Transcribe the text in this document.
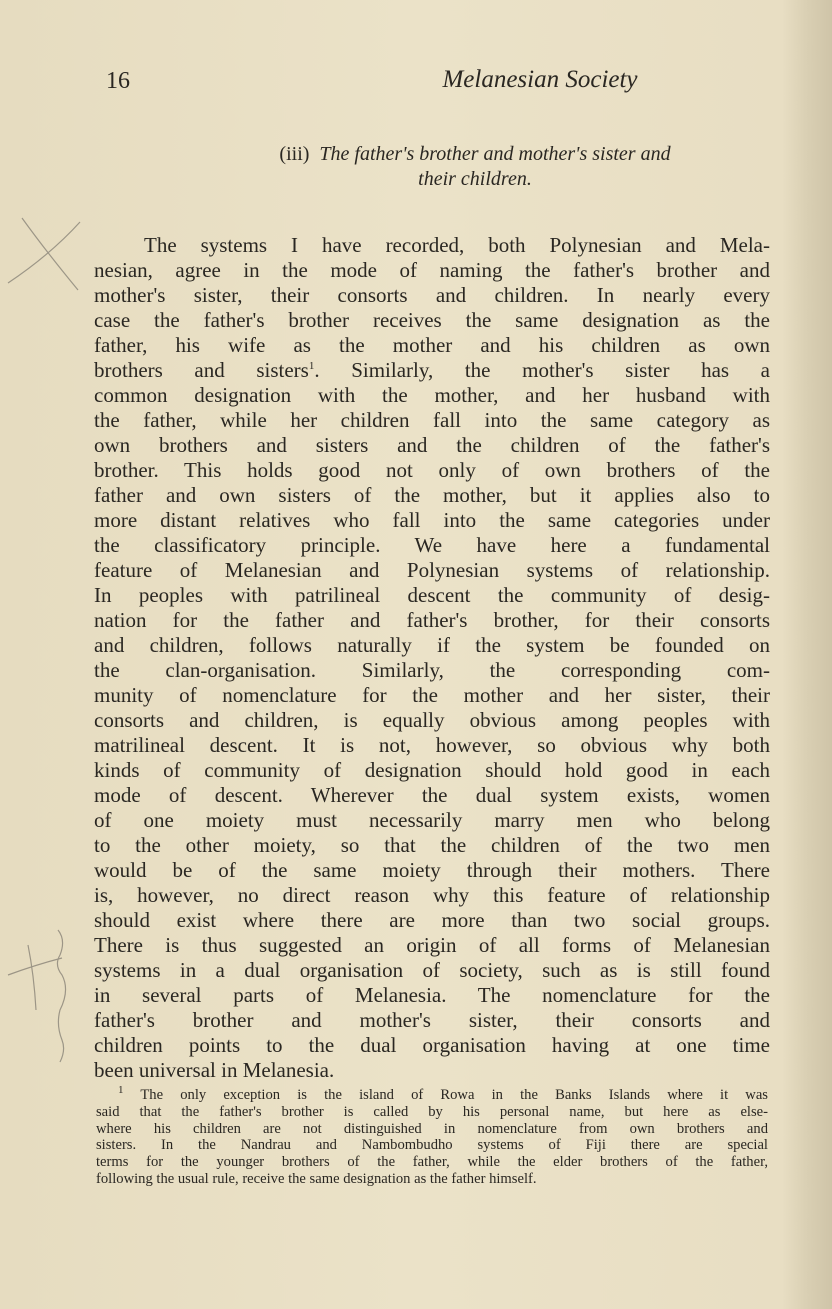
16	Melanesian Society
(iii) The father's brother and mother's sister and
their children.
The systems I have recorded, both Polynesian and Mela-
nesian, agree in the mode of naming the father's brother and
mother's sister, their consorts and children. In nearly every
case the father's brother receives the same designation as the
father, his wife as the mother and his children as own
brothers and sisters$^1$. Similarly, the mother's sister has a
common designation with the mother, and her husband with
the father, while her children fall into the same category as
own brothers and sisters and the children of the father's
brother. This holds good not only of own brothers of the
father and own sisters of the mother, but it applies also to
more distant relatives who fall into the same categories under
the classificatory principle. We have here a fundamental
feature of Melanesian and Polynesian systems of relationship.
In peoples with patrilineal descent the community of desig-
nation for the father and father's brother, for their consorts
and children, follows naturally if the system be founded on
the clan-organisation. Similarly, the corresponding com-
munity of nomenclature for the mother and her sister, their
consorts and children, is equally obvious among peoples with
matrilineal descent. It is not, however, so obvious why both
kinds of community of designation should hold good in each
mode of descent. Wherever the dual system exists, women
of one moiety must necessarily marry men who belong
to the other moiety, so that the children of the two men
would be of the same moiety through their mothers. There
is, however, no direct reason why this feature of relationship
should exist where there are more than two social groups.
There is thus suggested an origin of all forms of Melanesian
systems in a dual organisation of society, such as is still found
in several parts of Melanesia. The nomenclature for the
father's brother and mother's sister, their consorts and
children points to the dual organisation having at one time
been universal in Melanesia.
$^1$ The only exception is the island of Rowa in the Banks Islands where it was
said that the father's brother is called by his personal name, but here as else-
where his children are not distinguished in nomenclature from own brothers and
sisters. In the Nandrau and Nambombudho systems of Fiji there are special
terms for the younger brothers of the father, while the elder brothers of the father,
following the usual rule, receive the same designation as the father himself.
